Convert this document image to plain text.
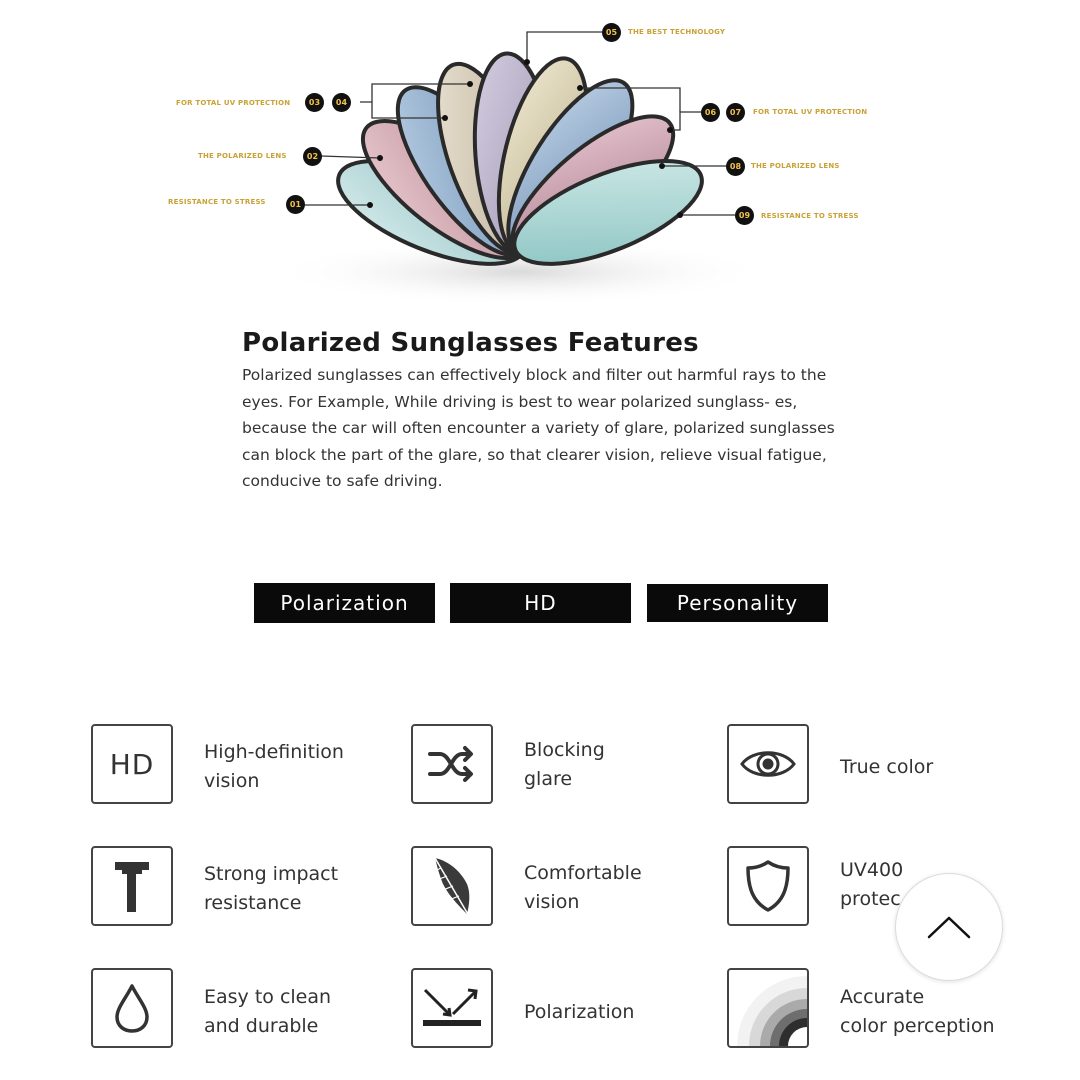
RESISTANCE TO STRESS	01
THE POLARIZED LENS	02
FOR TOTAL UV PROTECTION	03	04
05	THE BEST TECHNOLOGY
06	07	FOR TOTAL UV PROTECTION
08	THE POLARIZED LENS
09	RESISTANCE TO STRESS
Polarized Sunglasses Features
Polarized sunglasses can effectively block and filter out harmful rays to the eyes. For Example, While driving is best to wear polarized sunglass- es, because the car will often encounter a variety of glare, polarized sunglasses can block the part of the glare, so that clearer vision, relieve visual fatigue, conducive to safe driving.
Polarization	HD	Personality
HD	High-definition
vision
Blocking
glare
True color
Strong impact
resistance
Comfortable
vision
UV400
protec
Easy to clean
and durable
Polarization
Accurate
color perception
